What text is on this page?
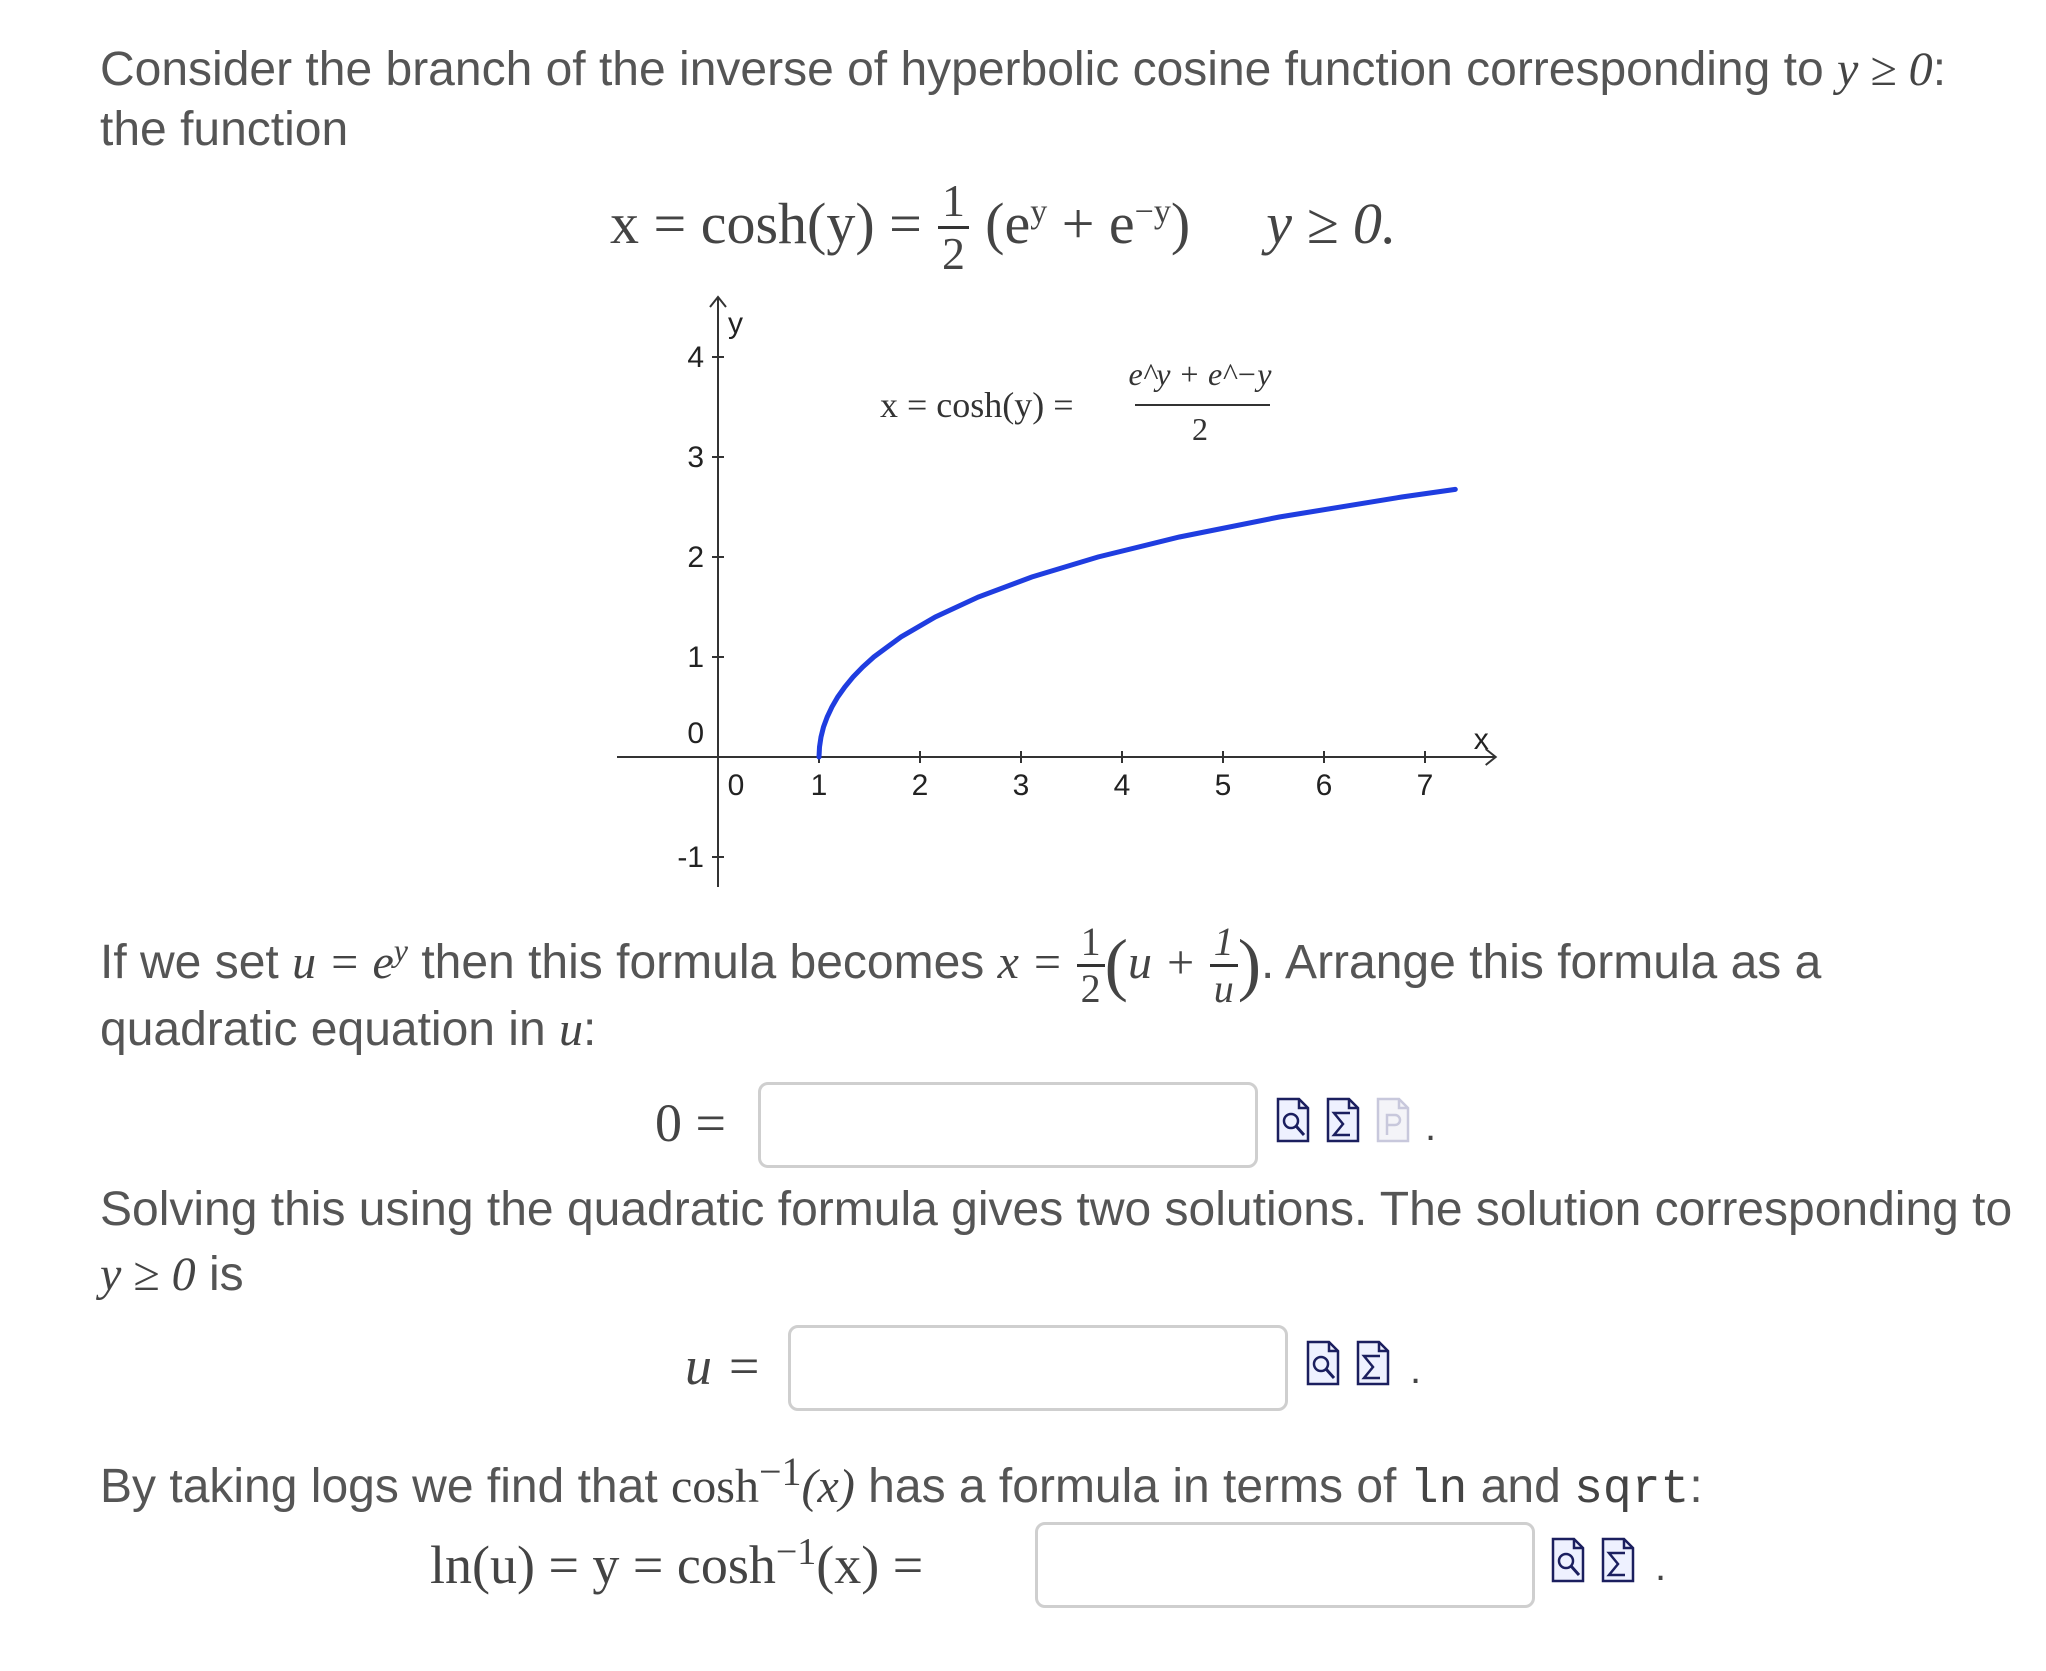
Consider the branch of the inverse of hyperbolic cosine function corresponding to y ≥ 0:
the function
$x = \cosh(y) = \frac{1}{2} (e^y + e^{-y}) y \ge 0$.
x
y
0 1	2	3	4	5	6	7
-1
0
1
2
3
4
x = cosh(y) =
e^y + e^−y
2
If we set $u = e^y$ then this formula becomes $x = \frac{1}{2} (u + \frac{1}{u}$ ). Arrange this formula as a
quadratic equation in u:
0 =	.
Solving this using the quadratic formula gives two solutions. The solution corresponding to
y ≥ 0 is
u =	.
By taking logs we find that $\cosh^{-1}(x)$ has a formula in terms of ln and sqrt:
$\ln(u) = y = \cosh^{-1}(x)$ =	.
